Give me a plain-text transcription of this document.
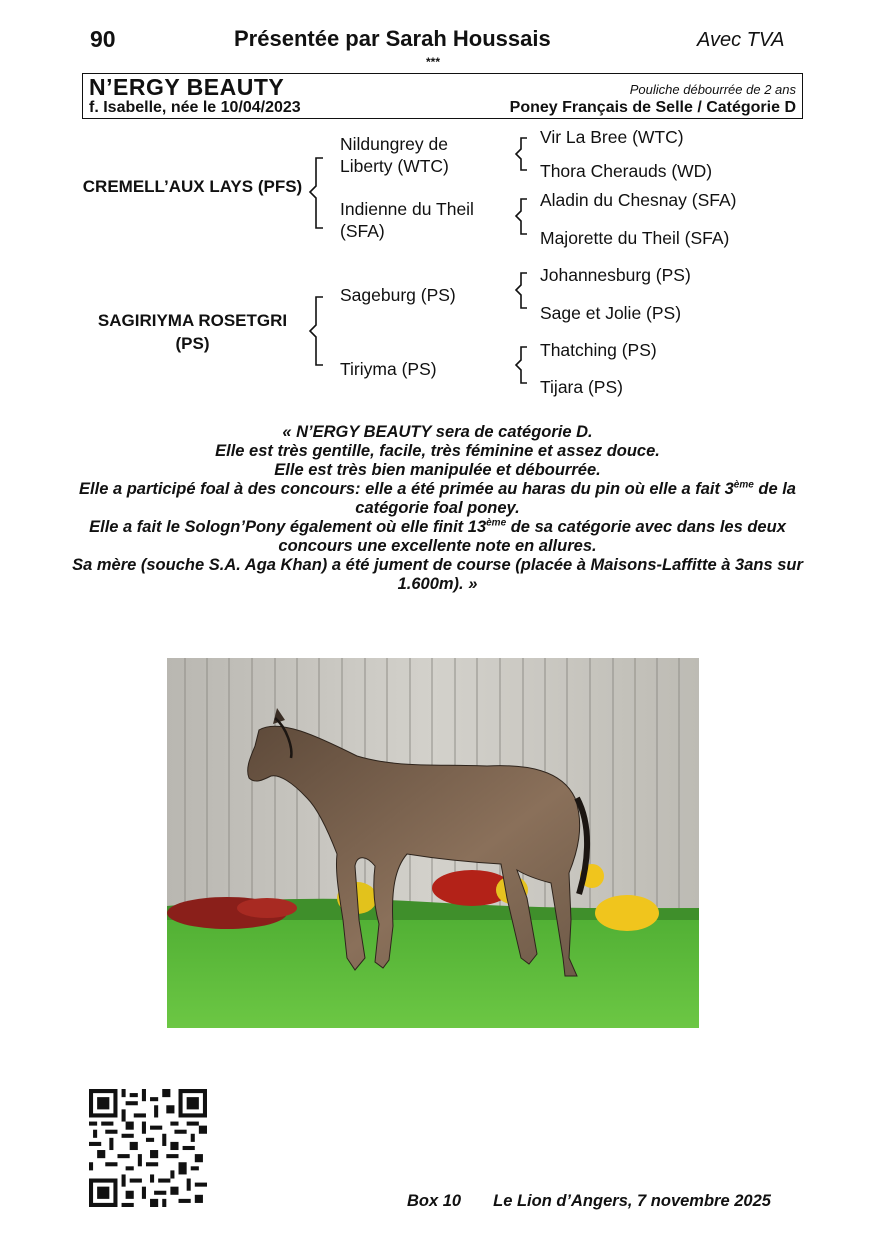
90	Présentée par Sarah Houssais	Avec TVA
***
N’ERGY BEAUTY	Pouliche débourrée de 2 ans
f. Isabelle, née le 10/04/2023	Poney Français de Selle / Catégorie D
CREMELL’AUX LAYS (PFS)
SAGIRIYMA ROSETGRI (PS)
Nildungrey de Liberty (WTC)
Indienne du Theil (SFA)
Sageburg (PS)
Tiriyma (PS)
Vir La Bree (WTC)
Thora Cherauds (WD)
Aladin du Chesnay (SFA)
Majorette du Theil (SFA)
Johannesburg (PS)
Sage et Jolie (PS)
Thatching (PS)
Tijara (PS)

« N’ERGY BEAUTY sera de catégorie D.

Elle est très gentille, facile, très féminine et assez douce.

Elle est très bien manipulée et débourrée.

Elle a participé foal à des concours: elle a été primée au haras du pin où elle a fait 3ème de la catégorie foal poney.

Elle a fait le Sologn’Pony également où elle finit 13ème de sa catégorie avec dans les deux concours une excellente note en allures.

Sa mère (souche S.A. Aga Khan) a été jument de course (placée à Maisons-Laffitte à 3ans sur 1.600m). »

Box 10 Le Lion d’Angers, 7 novembre 2025
